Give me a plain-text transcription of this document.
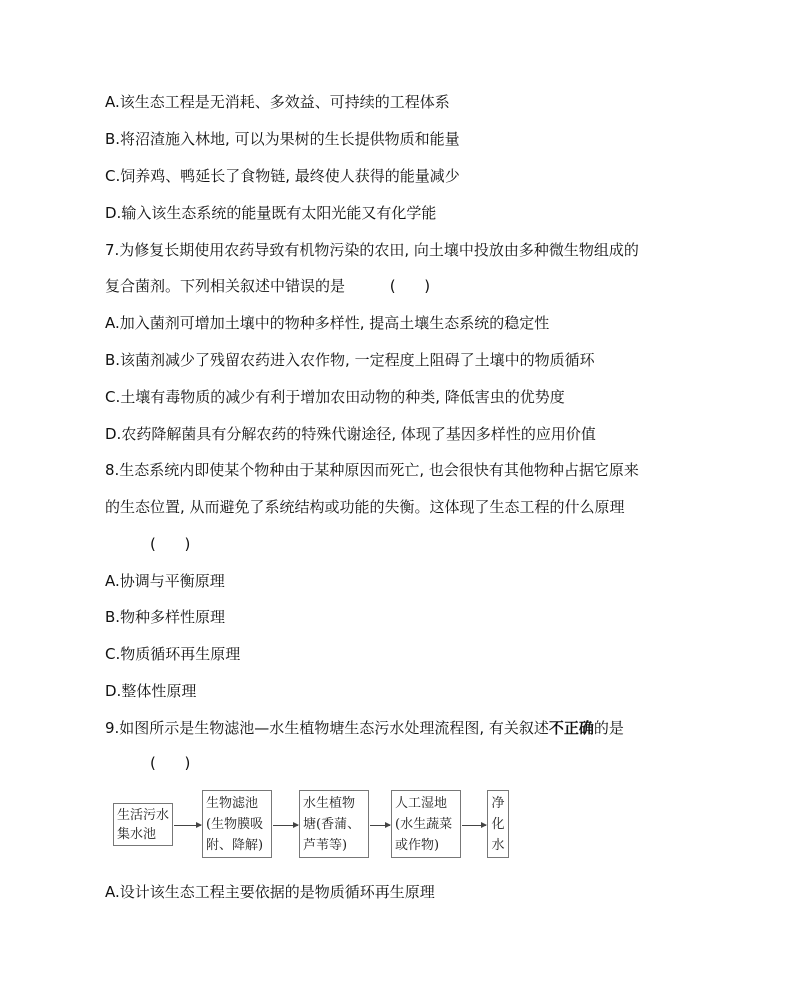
A.该生态工程是无消耗、多效益、可持续的工程体系
B.将沼渣施入林地, 可以为果树的生长提供物质和能量
C.饲养鸡、鸭延长了食物链, 最终使人获得的能量减少
D.输入该生态系统的能量既有太阳光能又有化学能
7.为修复长期使用农药导致有机物污染的农田, 向土壤中投放由多种微生物组成的
复合菌剂。下列相关叙述中错误的是	(      )
A.加入菌剂可增加土壤中的物种多样性, 提高土壤生态系统的稳定性
B.该菌剂减少了残留农药进入农作物, 一定程度上阻碍了土壤中的物质循环
C.土壤有毒物质的减少有利于增加农田动物的种类, 降低害虫的优势度
D.农药降解菌具有分解农药的特殊代谢途径, 体现了基因多样性的应用价值
8.生态系统内即使某个物种由于某种原因而死亡, 也会很快有其他物种占据它原来
的生态位置, 从而避免了系统结构或功能的失衡。这体现了生态工程的什么原理
(      )
A.协调与平衡原理
B.物种多样性原理
C.物质循环再生原理
D.整体性原理
9.如图所示是生物滤池—水生植物塘生态污水处理流程图, 有关叙述不正确的是
(      )
生活污水
集水池
生物滤池
(生物膜吸
附、降解)
水生植物
塘(香蒲、
芦苇等)
人工湿地
(水生蔬菜
或作物)
净
化
水
A.设计该生态工程主要依据的是物质循环再生原理
